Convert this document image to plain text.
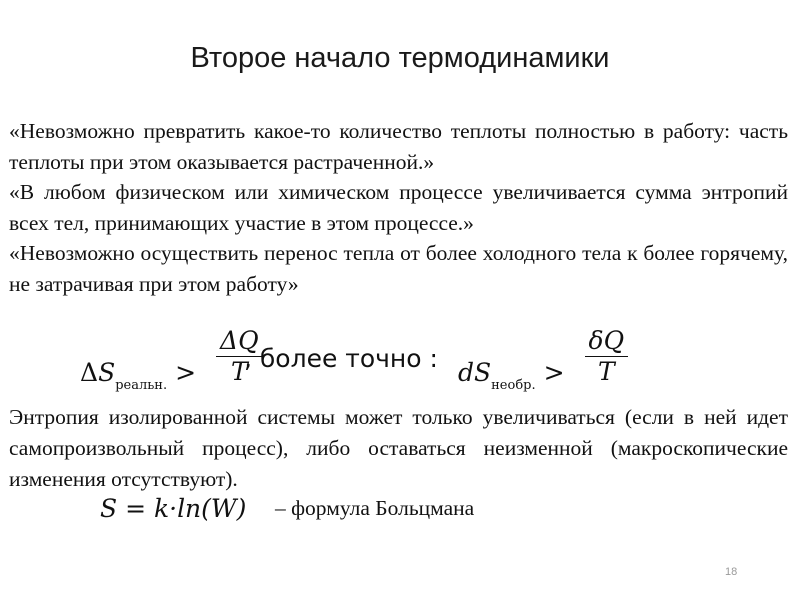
Второе начало термодинамики

«Невозможно превратить какое-то количество теплоты полностью в работу: часть теплоты при этом оказывается растраченной.»

«В любом физическом или химическом процессе увеличивается сумма энтропий всех тел, принимающих участие в этом процессе.»

«Невозможно осуществить перенос тепла от более холодного тела к более горячему, не затрачивая при этом работу»

$\Delta S_{реальн.} > \frac{\Delta Q}{T}$
, более точно : $dS_{необр.} > \frac{\delta Q}{T}$

Энтропия изолированной системы может только увеличиваться (если в ней идет самопроизвольный процесс), либо оставаться неизменной (макроскопические изменения отсутствуют).

S = k·ln(W) – формула Больцмана
18
